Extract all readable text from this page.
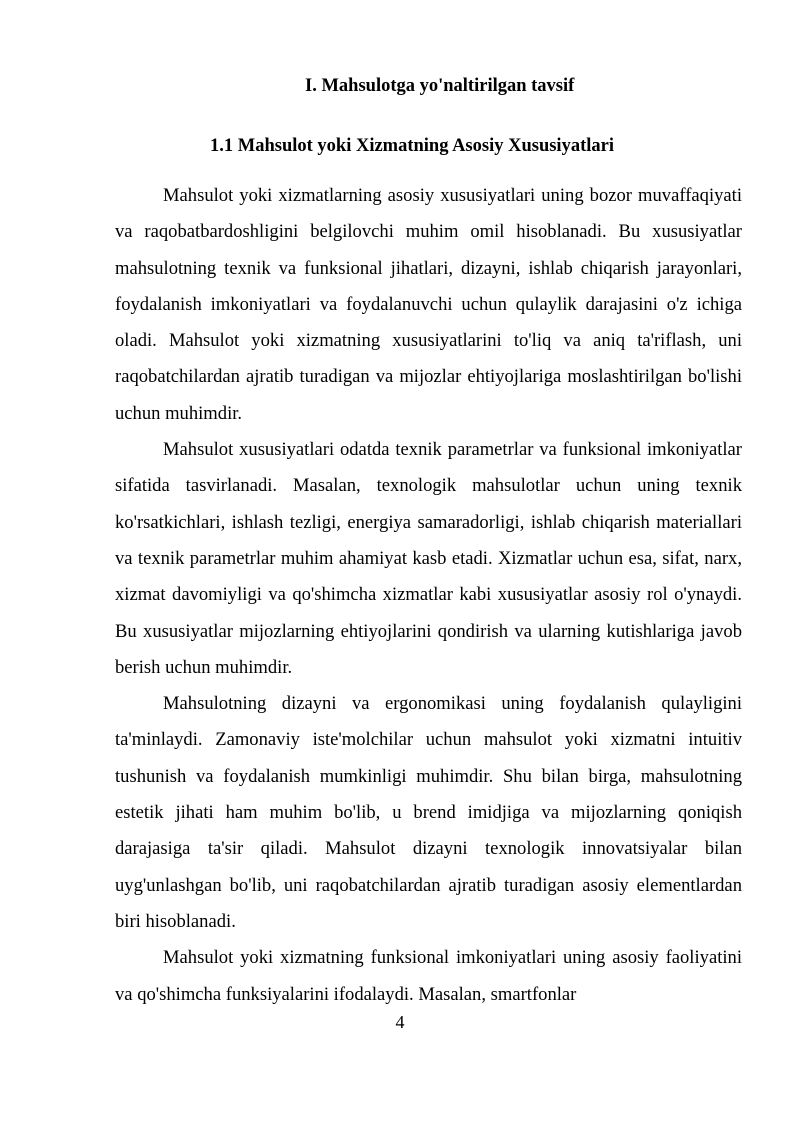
I. Mahsulotga yo'naltirilgan tavsif
1.1 Mahsulot yoki Xizmatning Asosiy Xususiyatlari

Mahsulot yoki xizmatlarning asosiy xususiyatlari uning bozor muvaffaqiyati va raqobatbardoshligini belgilovchi muhim omil hisoblanadi. Bu xususiyatlar mahsulotning texnik va funksional jihatlari, dizayni, ishlab chiqarish jarayonlari, foydalanish imkoniyatlari va foydalanuvchi uchun qulaylik darajasini o'z ichiga oladi. Mahsulot yoki xizmatning xususiyatlarini to'liq va aniq ta'riflash, uni raqobatchilardan ajratib turadigan va mijozlar ehtiyojlariga moslashtirilgan bo'lishi uchun muhimdir.

Mahsulot xususiyatlari odatda texnik parametrlar va funksional imkoniyatlar sifatida tasvirlanadi. Masalan, texnologik mahsulotlar uchun uning texnik ko'rsatkichlari, ishlash tezligi, energiya samaradorligi, ishlab chiqarish materiallari va texnik parametrlar muhim ahamiyat kasb etadi. Xizmatlar uchun esa, sifat, narx, xizmat davomiyligi va qo'shimcha xizmatlar kabi xususiyatlar asosiy rol o'ynaydi. Bu xususiyatlar mijozlarning ehtiyojlarini qondirish va ularning kutishlariga javob berish uchun muhimdir.

Mahsulotning dizayni va ergonomikasi uning foydalanish qulayligini ta'minlaydi. Zamonaviy iste'molchilar uchun mahsulot yoki xizmatni intuitiv tushunish va foydalanish mumkinligi muhimdir. Shu bilan birga, mahsulotning estetik jihati ham muhim bo'lib, u brend imidjiga va mijozlarning qoniqish darajasiga ta'sir qiladi. Mahsulot dizayni texnologik innovatsiyalar bilan uyg'unlashgan bo'lib, uni raqobatchilardan ajratib turadigan asosiy elementlardan biri hisoblanadi.

Mahsulot yoki xizmatning funksional imkoniyatlari uning asosiy faoliyatini va qo'shimcha funksiyalarini ifodalaydi. Masalan, smartfonlar

4
